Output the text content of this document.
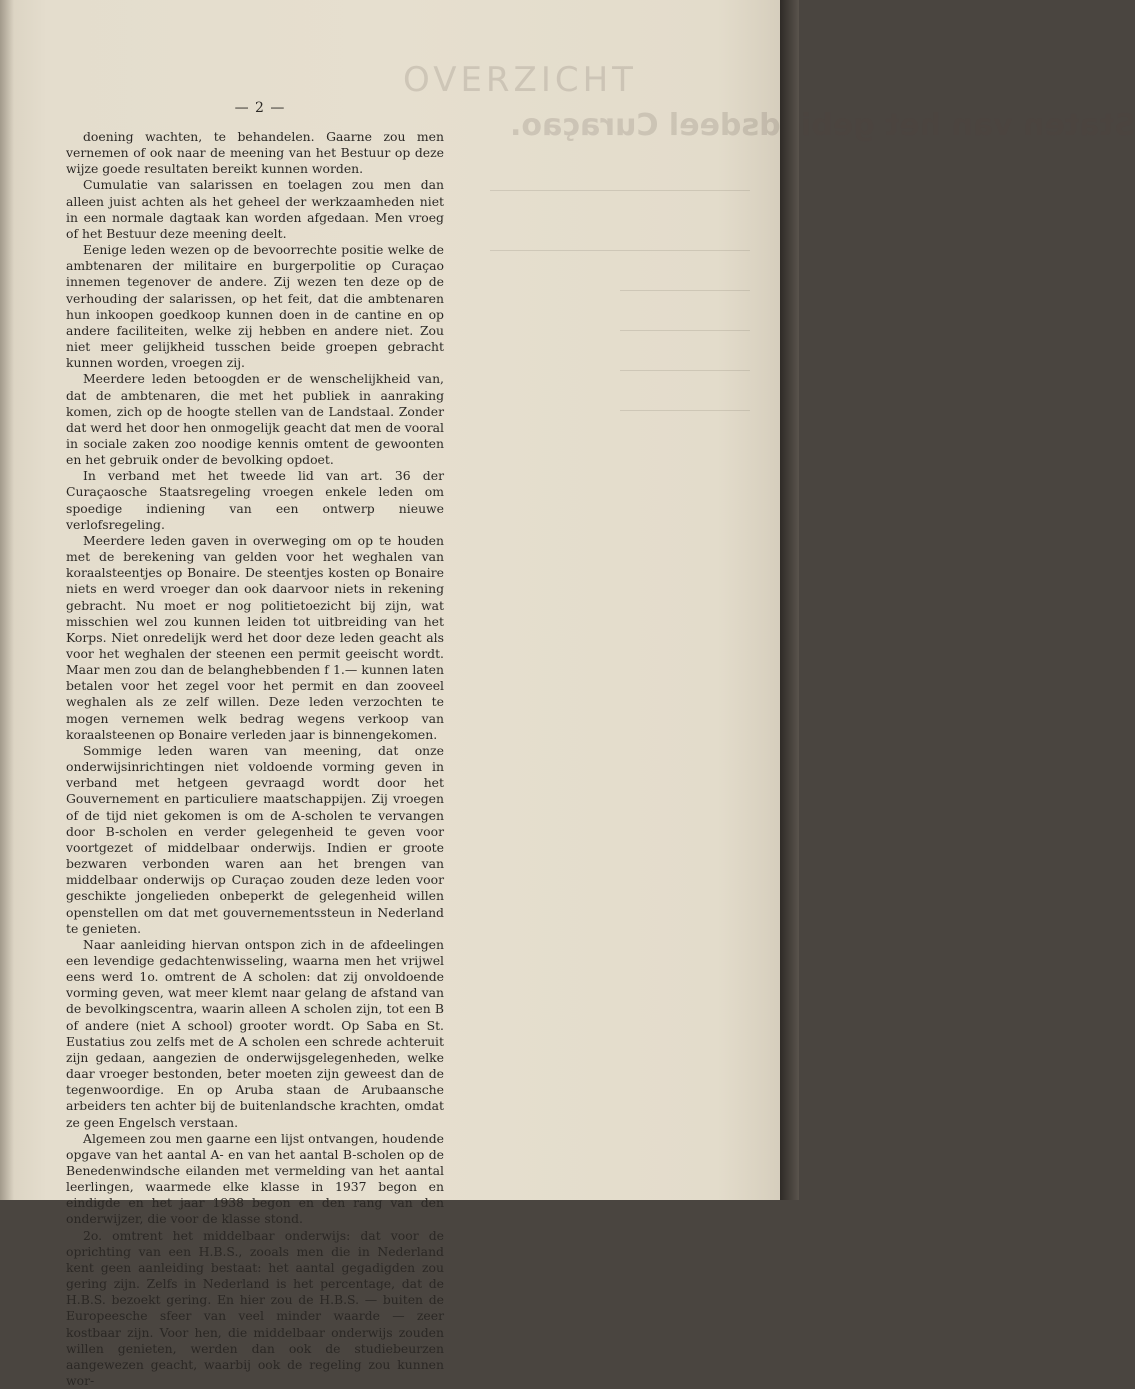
OVERZICHT
Staten van het gebiedsdeel Curaçao.
— 2 —

doening wachten, te behandelen. Gaarne zou men vernemen of ook naar de meening van het Bestuur op deze wijze goede resultaten bereikt kunnen worden.

Cumulatie van salarissen en toelagen zou men dan alleen juist achten als het geheel der werkzaamheden niet in een normale dagtaak kan worden afgedaan. Men vroeg of het Bestuur deze meening deelt.

Eenige leden wezen op de bevoorrechte positie welke de ambtenaren der militaire en burgerpolitie op Curaçao innemen tegenover de andere. Zij wezen ten deze op de verhouding der salarissen, op het feit, dat die ambtenaren hun inkoopen goedkoop kunnen doen in de cantine en op andere faciliteiten, welke zij hebben en andere niet. Zou niet meer gelijkheid tusschen beide groepen gebracht kunnen worden, vroegen zij.

Meerdere leden betoogden er de wenschelijkheid van, dat de ambtenaren, die met het publiek in aanraking komen, zich op de hoogte stellen van de Landstaal. Zonder dat werd het door hen onmogelijk geacht dat men de vooral in sociale zaken zoo noodige kennis omtent de gewoonten en het gebruik onder de bevolking opdoet.

In verband met het tweede lid van art. 36 der Curaçaosche Staatsregeling vroegen enkele leden om spoedige indiening van een ontwerp nieuwe verlofsregeling.

Meerdere leden gaven in overweging om op te houden met de berekening van gelden voor het weghalen van koraalsteentjes op Bonaire. De steentjes kosten op Bonaire niets en werd vroeger dan ook daarvoor niets in rekening gebracht. Nu moet er nog politietoezicht bij zijn, wat misschien wel zou kunnen leiden tot uitbreiding van het Korps. Niet onredelijk werd het door deze leden geacht als voor het weghalen der steenen een permit geeischt wordt. Maar men zou dan de belanghebbenden f 1.— kunnen laten betalen voor het zegel voor het permit en dan zooveel weghalen als ze zelf willen. Deze leden verzochten te mogen vernemen welk bedrag wegens verkoop van koraalsteenen op Bonaire verleden jaar is binnengekomen.

Sommige leden waren van meening, dat onze onderwijsinrichtingen niet voldoende vorming geven in verband met hetgeen gevraagd wordt door het Gouvernement en particuliere maatschappijen. Zij vroegen of de tijd niet gekomen is om de A-scholen te vervangen door B-scholen en verder gelegenheid te geven voor voortgezet of middelbaar onderwijs. Indien er groote bezwaren verbonden waren aan het brengen van middelbaar onderwijs op Curaçao zouden deze leden voor geschikte jongelieden onbeperkt de gelegenheid willen openstellen om dat met gouvernementssteun in Nederland te genieten.

Naar aanleiding hiervan ontspon zich in de afdeelingen een levendige gedachtenwisseling, waarna men het vrijwel eens werd 1o. omtrent de A scholen: dat zij onvoldoende vorming geven, wat meer klemt naar gelang de afstand van de bevolkingscentra, waarin alleen A scholen zijn, tot een B of andere (niet A school) grooter wordt. Op Saba en St. Eustatius zou zelfs met de A scholen een schrede achteruit zijn gedaan, aangezien de onderwijsgelegenheden, welke daar vroeger bestonden, beter moeten zijn geweest dan de tegenwoordige. En op Aruba staan de Arubaansche arbeiders ten achter bij de buitenlandsche krachten, omdat ze geen Engelsch verstaan.

Algemeen zou men gaarne een lijst ontvangen, houdende opgave van het aantal A- en van het aantal B-scholen op de Benedenwindsche eilanden met vermelding van het aantal leerlingen, waarmede elke klasse in 1937 begon en eindigde en het jaar 1938 begon en den rang van den onderwijzer, die voor de klasse stond.

2o. omtrent het middelbaar onderwijs: dat voor de oprichting van een H.B.S., zooals men die in Nederland kent geen aanleiding bestaat: het aantal gegadigden zou gering zijn. Zelfs in Nederland is het percentage, dat de H.B.S. bezoekt gering. En hier zou de H.B.S. — buiten de Europeesche sfeer van veel minder waarde — zeer kostbaar zijn. Voor hen, die middelbaar onderwijs zouden willen genieten, werden dan ook de studiebeurzen aangewezen geacht, waarbij ook de regeling zou kunnen wor-
